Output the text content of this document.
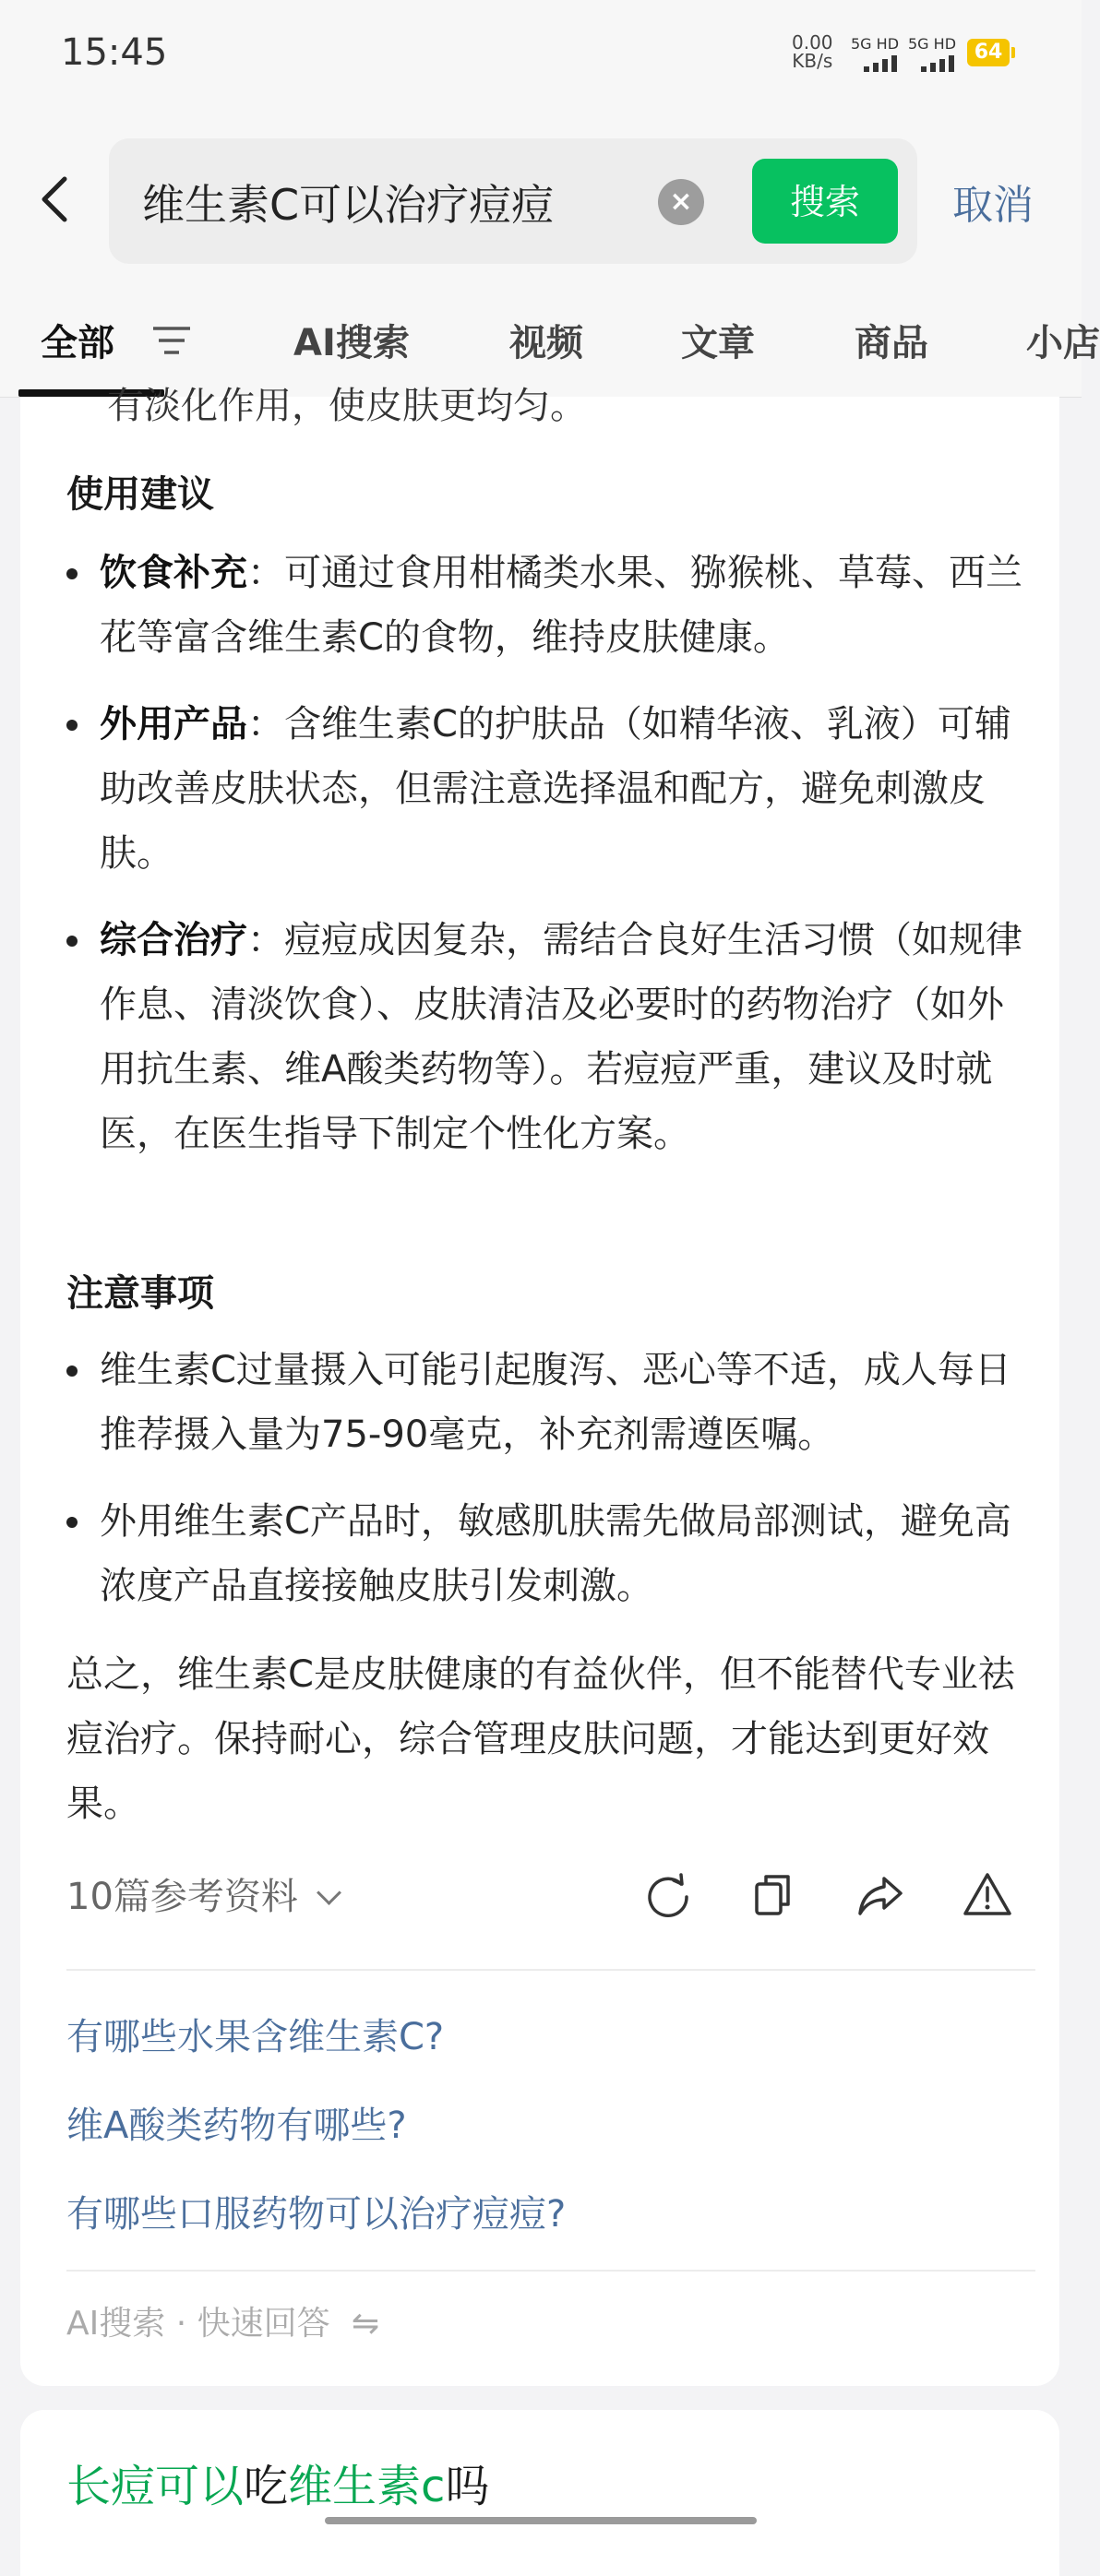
15:45	0.00
KB/s
5G HD 5G HD 64
维生素C可以治疗痘痘	×	搜索	取消
全部	AI搜索	视频	文章	商品	小店
有淡化作用，使皮肤更均匀。
使用建议
饮食补充：可通过食用柑橘类水果、猕猴桃、草莓、西兰花等富含维生素C的食物，维持皮肤健康。
外用产品：含维生素C的护肤品（如精华液、乳液）可辅助改善皮肤状态，但需注意选择温和配方，避免刺激皮肤。
综合治疗：痘痘成因复杂，需结合良好生活习惯（如规律作息、清淡饮食）、皮肤清洁及必要时的药物治疗（如外用抗生素、维A酸类药物等）。若痘痘严重，建议及时就医，在医生指导下制定个性化方案。
注意事项
维生素C过量摄入可能引起腹泻、恶心等不适，成人每日推荐摄入量为75-90毫克，补充剂需遵医嘱。
外用维生素C产品时，敏感肌肤需先做局部测试，避免高浓度产品直接接触皮肤引发刺激。
总之，维生素C是皮肤健康的有益伙伴，但不能替代专业祛痘治疗。保持耐心，综合管理皮肤问题，才能达到更好效果。
10篇参考资料
有哪些水果含维生素C?
维A酸类药物有哪些?
有哪些口服药物可以治疗痘痘?
AI搜索 · 快速回答 ⇋
长痘可以吃维生素c吗
